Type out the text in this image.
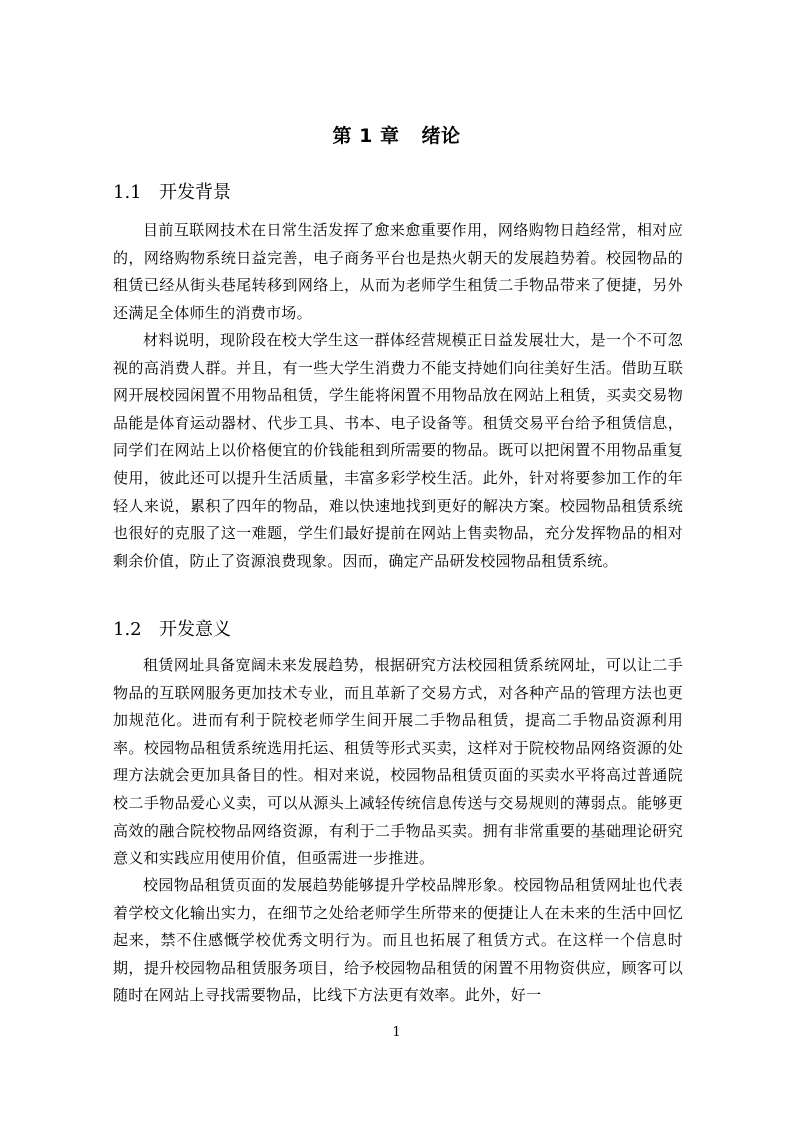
第 1 章 绪论
1.1 开发背景

目前互联网技术在日常生活发挥了愈来愈重要作用，网络购物日趋经常，相对应的，网络购物系统日益完善，电子商务平台也是热火朝天的发展趋势着。校园物品的租赁已经从街头巷尾转移到网络上，从而为老师学生租赁二手物品带来了便捷，另外还满足全体师生的消费市场。

材料说明，现阶段在校大学生这一群体经营规模正日益发展壮大，是一个不可忽视的高消费人群。并且，有一些大学生消费力不能支持她们向往美好生活。借助互联网开展校园闲置不用物品租赁，学生能将闲置不用物品放在网站上租赁，买卖交易物品能是体育运动器材、代步工具、书本、电子设备等。租赁交易平台给予租赁信息，同学们在网站上以价格便宜的价钱能租到所需要的物品。既可以把闲置不用物品重复使用，彼此还可以提升生活质量，丰富多彩学校生活。此外，针对将要参加工作的年轻人来说，累积了四年的物品，难以快速地找到更好的解决方案。校园物品租赁系统也很好的克服了这一难题，学生们最好提前在网站上售卖物品，充分发挥物品的相对剩余价值，防止了资源浪费现象。因而，确定产品研发校园物品租赁系统。

1.2 开发意义

租赁网址具备宽阔未来发展趋势，根据研究方法校园租赁系统网址，可以让二手物品的互联网服务更加技术专业，而且革新了交易方式，对各种产品的管理方法也更加规范化。进而有利于院校老师学生间开展二手物品租赁，提高二手物品资源利用率。校园物品租赁系统选用托运、租赁等形式买卖，这样对于院校物品网络资源的处理方法就会更加具备目的性。相对来说，校园物品租赁页面的买卖水平将高过普通院校二手物品爱心义卖，可以从源头上减轻传统信息传送与交易规则的薄弱点。能够更高效的融合院校物品网络资源，有利于二手物品买卖。拥有非常重要的基础理论研究意义和实践应用使用价值，但亟需进一步推进。

校园物品租赁页面的发展趋势能够提升学校品牌形象。校园物品租赁网址也代表着学校文化输出实力，在细节之处给老师学生所带来的便捷让人在未来的生活中回忆起来，禁不住感慨学校优秀文明行为。而且也拓展了租赁方式。在这样一个信息时期，提升校园物品租赁服务项目，给予校园物品租赁的闲置不用物资供应，顾客可以随时在网站上寻找需要物品，比线下方法更有效率。此外，好一

1
